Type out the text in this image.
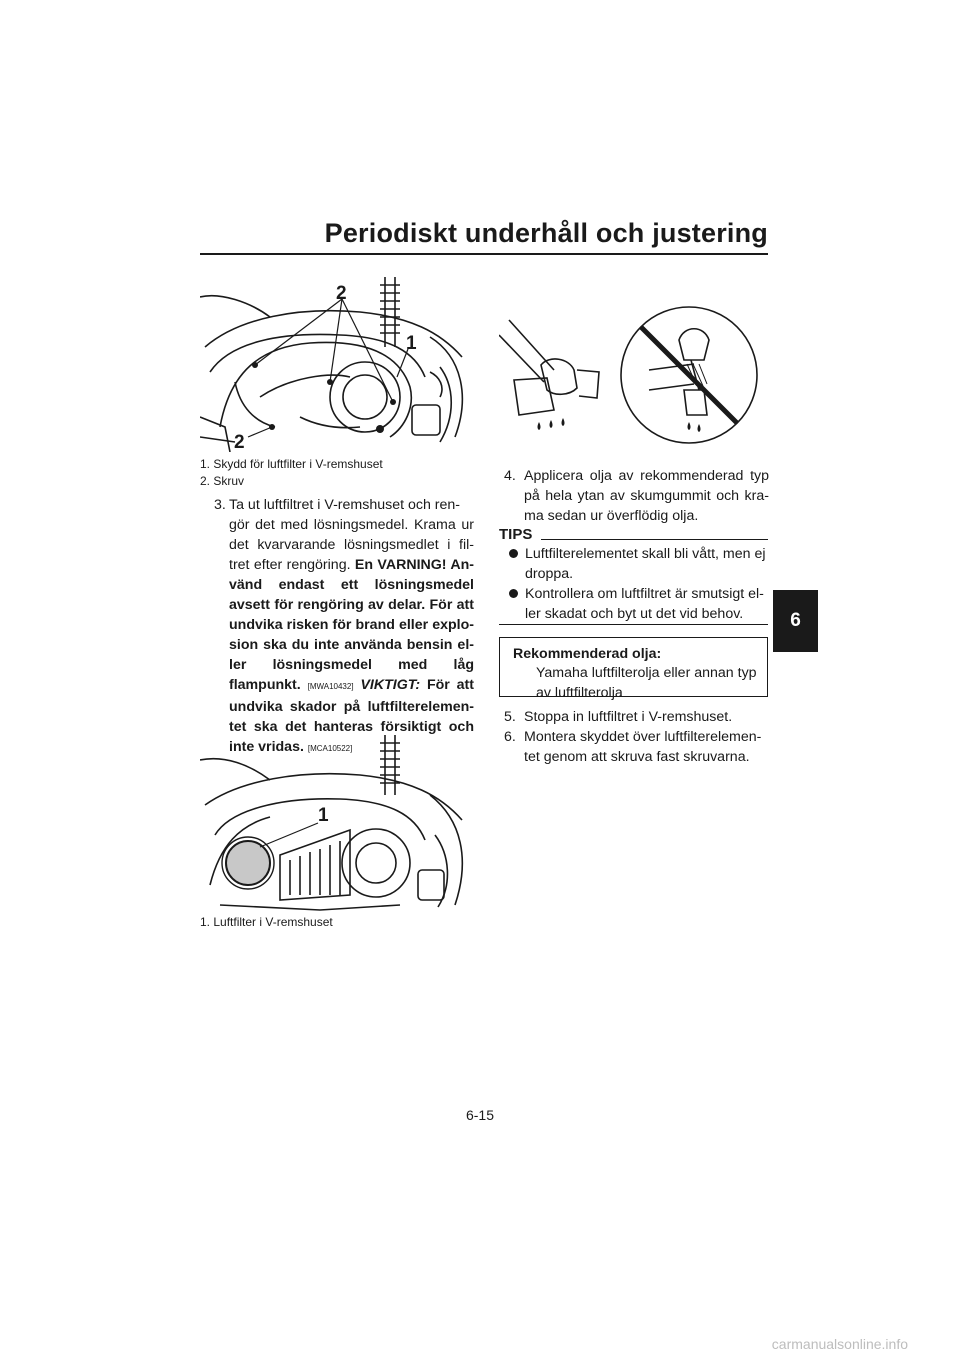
Periodiskt underhåll och justering
6
2
1
2
1. Skydd för luftfilter i V-remshuset
2. Skruv
3. Ta ut luftfiltret i V-remshuset och ren-
gör det med lösningsmedel. Krama ur
det kvarvarande lösningsmedlet i fil-
tret efter rengöring. En VARNING! An-
vänd endast ett lösningsmedel
avsett för rengöring av delar. För att
undvika risken för brand eller explo-
sion ska du inte använda bensin el-
ler lösningsmedel med låg
flampunkt. [MWA10432] VIKTIGT: För att
undvika skador på luftfilterelemen-
tet ska det hanteras försiktigt och
inte vridas. [MCA10522]
1
1. Luftfilter i V-remshuset
4. Applicera olja av rekommenderad typ
på hela ytan av skumgummit och kra-
ma sedan ur överflödig olja.
TIPS
Luftfilterelementet skall bli vått, men ej
droppa.
Kontrollera om luftfiltret är smutsigt el-
ler skadat och byt ut det vid behov.
Rekommenderad olja:
Yamaha luftfilterolja eller annan typ
av luftfilterolja
5. Stoppa in luftfiltret i V-remshuset.
6. Montera skyddet över luftfilterelemen-
tet genom att skruva fast skruvarna.
6-15
carmanualsonline.info
